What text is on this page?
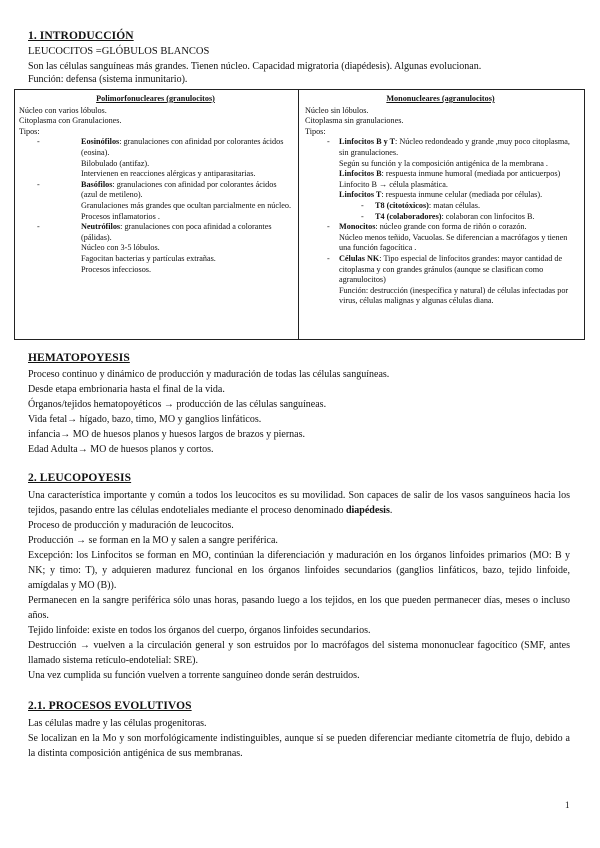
1. INTRODUCCIÓN
LEUCOCITOS =GLÓBULOS BLANCOS
Son las células sanguíneas más grandes. Tienen núcleo. Capacidad migratoria (diapédesis). Algunas evolucionan.
Función: defensa (sistema inmunitario).
Polimorfonucleares (granulocitos)
Núcleo con varios lóbulos.
Citoplasma con Granulaciones.
Tipos:
-	Eosinófilos: granulaciones con afinidad por colorantes ácidos (eosina).
Bilobulado (antifaz).
Intervienen en reacciones alérgicas y antiparasitarias.
-	Basófilos: granulaciones con afinidad por colorantes ácidos (azul de metileno).
Granulaciones más grandes que ocultan parcialmente en núcleo.
Procesos inflamatorios .
-	Neutrófilos: granulaciones con poca afinidad a colorantes (pálidas).
Núcleo con 3-5 lóbulos.
Fagocitan bacterias y partículas extrañas.
Procesos infecciosos.
Mononucleares (agranulocitos)
Núcleo sin lóbulos.
Citoplasma sin granulaciones.
Tipos:
- Linfocitos B y T: Núcleo redondeado y grande ,muy poco citoplasma, sin granulaciones.
Según su función y la composición antigénica de la membrana .
Linfocitos B: respuesta inmune humoral (mediada por anticuerpos) Linfocito B → célula plasmática.
Linfocitos T: respuesta inmune celular (mediada por células).
- T8 (citotóxicos): matan células.
- T4 (colaboradores): colaboran con linfocitos B.
- Monocitos: núcleo grande con forma de riñón o corazón.
Núcleo menos teñido, Vacuolas. Se diferencian a macrófagos y tienen una función fagocítica .
- Células NK: Tipo especial de linfocitos grandes: mayor cantidad de citoplasma y con grandes gránulos (aunque se clasifican como agranulocitos)
Función: destrucción (inespecífica y natural) de células infectadas por virus, células malignas y algunas células diana.
HEMATOPOYESIS
Proceso continuo y dinámico de producción y maduración de todas las células sanguíneas.
Desde etapa embrionaria hasta el final de la vida.
Órganos/tejidos hematopoyéticos → producción de las células sanguíneas.
Vida fetal→ hígado, bazo, timo, MO y ganglios linfáticos.
infancia→ MO de huesos planos y huesos largos de brazos y piernas.
Edad Adulta→ MO de huesos planos y cortos.
2. LEUCOPOYESIS
Una característica importante y común a todos los leucocitos es su movilidad. Son capaces de salir de los vasos sanguíneos hacia los tejidos, pasando entre las células endoteliales mediante el proceso denominado diapédesis.
Proceso de producción y maduración de leucocitos.
Producción → se forman en la MO y salen a sangre periférica.
Excepción: los Linfocitos se forman en MO, continúan la diferenciación y maduración en los órganos linfoides primarios (MO: B y NK; y timo: T), y adquieren madurez funcional en los órganos linfoides secundarios (ganglios linfáticos, bazo, tejido linfoide, amígdalas y MO (B)).
Permanecen en la sangre periférica sólo unas horas, pasando luego a los tejidos, en los que pueden permanecer días, meses o incluso años.
Tejido linfoide: existe en todos los órganos del cuerpo, órganos linfoides secundarios.
Destrucción → vuelven a la circulación general y son estruidos por lo macrófagos del sistema mononuclear fagocítico (SMF, antes llamado sistema retículo-endotelial: SRE).
Una vez cumplida su función vuelven a torrente sanguíneo donde serán destruidos.
2.1. PROCESOS EVOLUTIVOS
Las células madre y las células progenitoras.
Se localizan en la Mo y son morfológicamente indistinguibles, aunque sí se pueden diferenciar mediante citometría de flujo, debido a la distinta composición antigénica de sus membranas.
1
